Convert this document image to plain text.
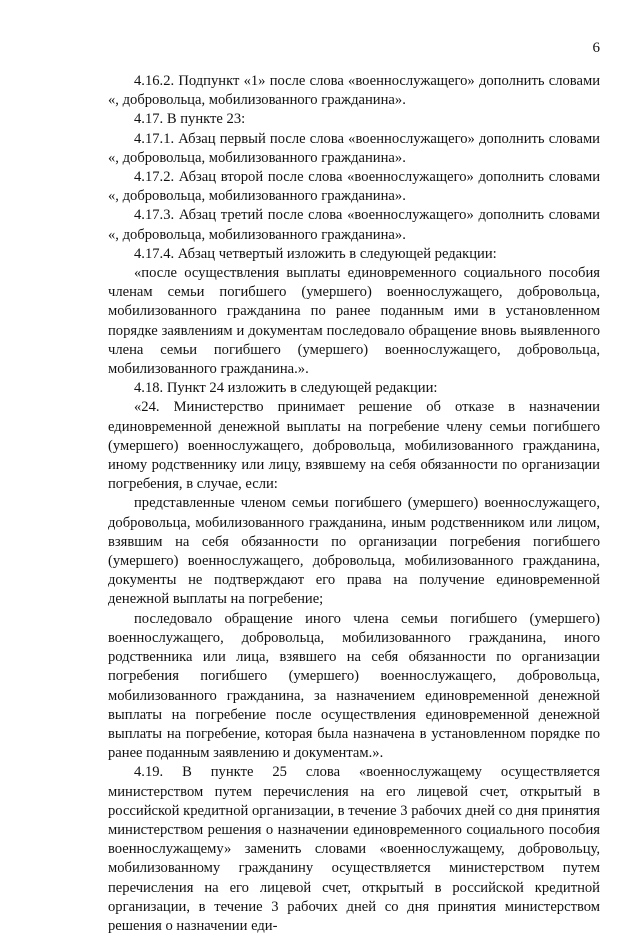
6

4.16.2. Подпункт «1» после слова «военнослужащего» дополнить словами «, добровольца, мобилизованного гражданина».

4.17. В пункте 23:

4.17.1. Абзац первый после слова «военнослужащего» дополнить словами «, добровольца, мобилизованного гражданина».

4.17.2. Абзац второй после слова «военнослужащего» дополнить словами «, добровольца, мобилизованного гражданина».

4.17.3. Абзац третий после слова «военнослужащего» дополнить словами «, добровольца, мобилизованного гражданина».

4.17.4. Абзац четвертый изложить в следующей редакции:

«после осуществления выплаты единовременного социального пособия членам семьи погибшего (умершего) военнослужащего, добровольца, мобилизованного гражданина по ранее поданным ими в установленном порядке заявлениям и документам последовало обращение вновь выявленного члена семьи погибшего (умершего) военнослужащего, добровольца, мобилизованного гражданина.».

4.18. Пункт 24 изложить в следующей редакции:

«24. Министерство принимает решение об отказе в назначении единовременной денежной выплаты на погребение члену семьи погибшего (умершего) военнослужащего, добровольца, мобилизованного гражданина, иному родственнику или лицу, взявшему на себя обязанности по организации погребения, в случае, если:

представленные членом семьи погибшего (умершего) военнослужащего, добровольца, мобилизованного гражданина, иным родственником или лицом, взявшим на себя обязанности по организации погребения погибшего (умершего) военнослужащего, добровольца, мобилизованного гражданина, документы не подтверждают его права на получение единовременной денежной выплаты на погребение;

последовало обращение иного члена семьи погибшего (умершего) военнослужащего, добровольца, мобилизованного гражданина, иного родственника или лица, взявшего на себя обязанности по организации погребения погибшего (умершего) военнослужащего, добровольца, мобилизованного гражданина, за назначением единовременной денежной выплаты на погребение после осуществления единовременной денежной выплаты на погребение, которая была назначена в установленном порядке по ранее поданным заявлению и документам.».

4.19. В пункте 25 слова «военнослужащему осуществляется министерством путем перечисления на его лицевой счет, открытый в российской кредитной организации, в течение 3 рабочих дней со дня принятия министерством решения о назначении единовременного социального пособия военнослужащему» заменить словами «военнослужащему, добровольцу, мобилизованному гражданину осуществляется министерством путем перечисления на его лицевой счет, открытый в российской кредитной организации, в течение 3 рабочих дней со дня принятия министерством решения о назначении еди-
